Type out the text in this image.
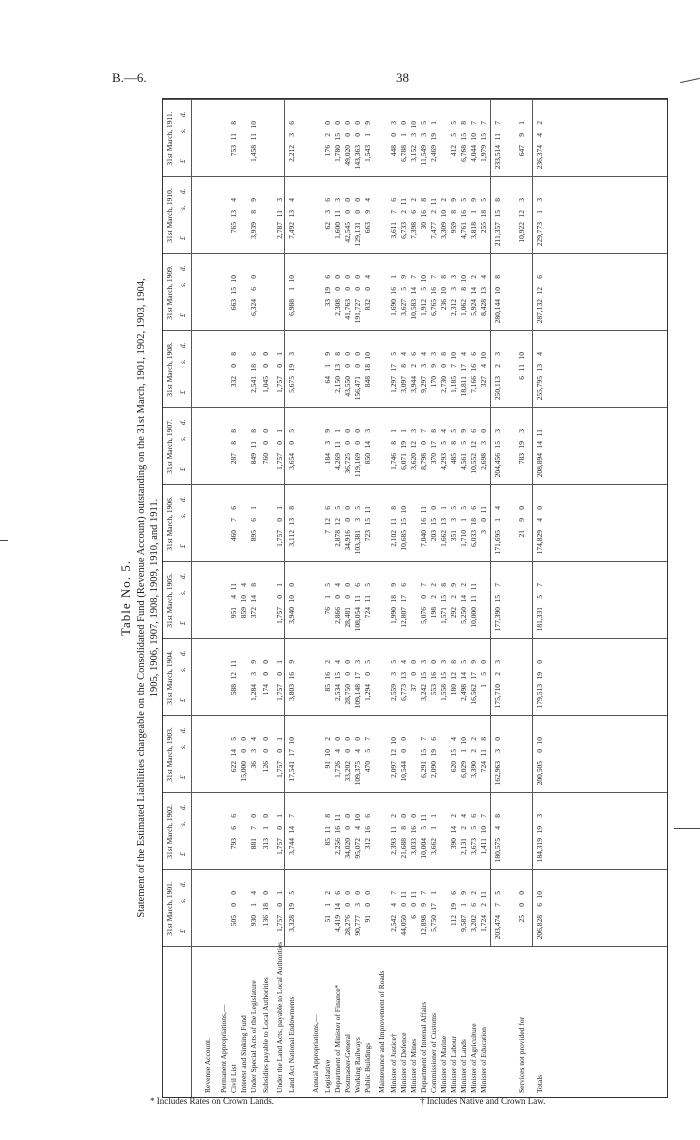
B.—6.	38
Table No. 5. Statement of the Estimated Liabilities chargeable on the Consolidated Fund (Revenue Account) outstanding on the 31st March, 1901, 1902, 1903, 1904, 1905, 1906, 1907, 1908, 1909, 1910, and 1911.
31st March, 1901. £
s.
d.
31st March, 1902. £
s.
d.
31st March, 1903. £
s.
d.
31st March, 1904. £
s.
d.
31st March, 1905. £
s.
d.
31st March, 1906. £
s.
d.
31st March, 1907. £
s.
d.
31st March, 1908. £
s.
d.
31st March, 1909. £
s.
d.
31st March, 1910. £
s.
d.
31st March, 1911. £
s.
d.
Revenue Account. Permanent Appropriations,— Civil List
50500
79366
622145
5881211
951411
46076
28788
33208
6631510
765134
753118
Interest and Sinking Fund
15,00000
859104
Under Special Acts of the Legislature
93014
88170
3634
1,28439
372148
89561
849118
2,541186
6,32460
3,93989
1,4581110
Subsidies payable to Local Authorities
136180
31310
12600
17400
76000
1,04500
Under the Land Acts, payable to Local Authorities
1,75701
1,75701
1,75701
1,75701
1,75701
1,75701
1,75701
1,75701
2,787113
Land Act National Endowments
3,328195
3,744147
17,5411710
3,803169
3,940100
3,112138
3,65405
5,675193
6,988110
7,492134
2,21236
Annual Appropriations,— Legislative
5112
85118
91102
85162
7615
7126
18439
6419
33196
6236
17620
Department of Minister of Finance*
4,419146
2,2561611
1,72640
2,534154
2,86604
2,878125
4,269111
2,150138
2,30800
1,600113
1,780150
Postmaster-General
28,27600
34,02000
33,20200
28,75000
28,48100
34,91600
36,72500
43,55000
41,76300
42,54500
49,02000
Working Railways
90,77730
95,072410
109,37540
109,148173
108,054116
103,38135
119,16900
156,47100
191,72700
129,13100
143,36300
Public Buildings
9100
312166
47057
1,29405
724115
7231511
850143
8481810
83204
66394
1,54319
Maintenance and Improvement of Roads Minister of Justice†
2,54247
2,393112
2,0971210
2,55935
1,990189
2,102118
1,74681
1,297175
1,690161
3,61176
44803
Minister of Defence
44,050011
21,68880
10,54400
6,773134
12,807176
10,6851510
6,071191
3,09784
3,62759
6,733211
6,78810
Minister of Mines
6011
3,033160
3700
3,620123
3,94426
10,583147
7,39862
3,152310
Department of Internal Affairs
12,89897
10,004511
6,291157
3,242153
5,07607
7,0401611
8,79807
9,29734
1,912510
30168
11,54935
Commissioner of Customs
5,750171
3,66211
2,090196
553160
19822
203150
370178
17093
6,765167
7,477211
2,469191
Minister of Marine
1,558153
1,571158
1,662131
4,29354
2,73008
236108
3,309102
Minister of Labour
112196
390142
620154
180128
29229
35135
48585
1,185710
2,31233
95989
41255
Minister of Lands
9,58719
2,13124
6,029110
2,498145
5,250142
1,71015
4,56159
18,811174
1,062810
4,761165
6,768158
Minister of Agriculture
3,20262
3,67356
3,39022
16,562179
10,0001111
6,033186
10,552126
7,166166
5,924142
3,81819
4,044107
Minister of Education
1,724211
1,411107
724118
150
3011
2,69830
327410
8,428134
255185
1,979157
203,47475
180,57548
162,96330
175,71023
177,390157
171,69514
204,456153
250,11323
280,144108
211,357158
233,514117
Services not provided for
2500
2190
783193
61110
10,922123
64791
Totals
206,828610
184,319193
200,505010
179,513190
181,33157
174,82940
208,8941411
255,795134
287,132126
229,77313
236,37442
* Includes Rates on Crown Lands.	† Includes Native and Crown Law.
